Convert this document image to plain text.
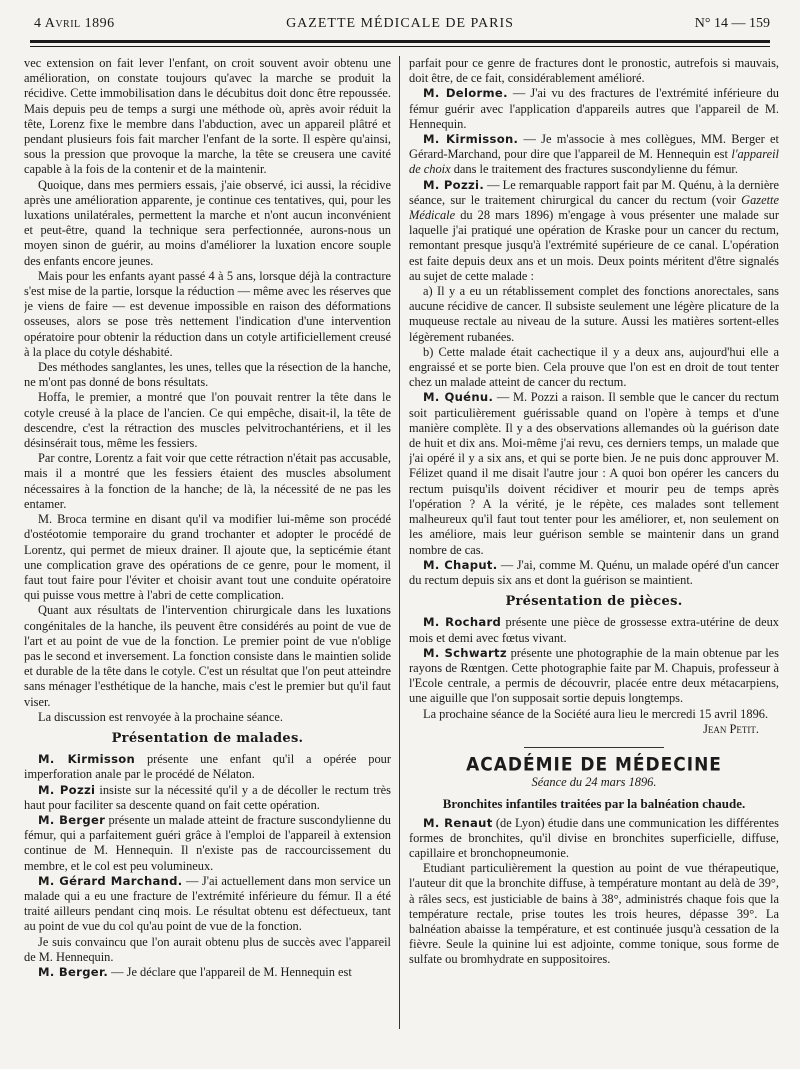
4 Avril 1896	GAZETTE MÉDICALE DE PARIS	N° 14 — 159

vec extension on fait lever l'enfant, on croit souvent avoir obtenu une amélioration, on constate toujours qu'avec la marche se produit la récidive. Cette immobilisation dans le décubitus doit donc être repoussée. Mais depuis peu de temps a surgi une méthode où, après avoir réduit la tête, Lorenz fixe le membre dans l'abduction, avec un appareil plâtré et pendant plusieurs fois fait marcher l'enfant de la sorte. Il espère qu'ainsi, sous la pression que provoque la marche, la tête se creusera une cavité capable à la fois de la contenir et de la maintenir.

Quoique, dans mes permiers essais, j'aie observé, ici aussi, la récidive après une amélioration apparente, je continue ces tentatives, qui, pour les luxations unilatérales, permettent la marche et n'ont aucun inconvénient et peut-être, quand la technique sera perfectionnée, aurons-nous un moyen sinon de guérir, au moins d'améliorer la luxation encore souple des enfants encore jeunes.

Mais pour les enfants ayant passé 4 à 5 ans, lorsque déjà la contracture s'est mise de la partie, lorsque la réduction — même avec les réserves que je viens de faire — est devenue impossible en raison des déformations osseuses, alors se pose très nettement l'indication d'une intervention opératoire pour obtenir la réduction dans un cotyle artificiellement creusé à la place du cotyle déshabité.

Des méthodes sanglantes, les unes, telles que la résection de la hanche, ne m'ont pas donné de bons résultats.

Hoffa, le premier, a montré que l'on pouvait rentrer la tête dans le cotyle creusé à la place de l'ancien. Ce qui empêche, disait-il, la tête de descendre, c'est la rétraction des muscles pelvitrochantériens, et il les désinsérait tous, même les fessiers.

Par contre, Lorentz a fait voir que cette rétraction n'était pas accusable, mais il a montré que les fessiers étaient des muscles absolument nécessaires à la fonction de la hanche; de là, la nécessité de ne pas les entamer.

M. Broca termine en disant qu'il va modifier lui-même son procédé d'ostéotomie temporaire du grand trochanter et adopter le procédé de Lorentz, qui permet de mieux drainer. Il ajoute que, la septicémie étant une complication grave des opérations de ce genre, pour le moment, il faut tout faire pour l'éviter et choisir avant tout une conduite opératoire qui puisse vous mettre à l'abri de cette complication.

Quant aux résultats de l'intervention chirurgicale dans les luxations congénitales de la hanche, ils peuvent être considérés au point de vue de l'art et au point de vue de la fonction. Le premier point de vue n'oblige pas le second et inversement. La fonction consiste dans le maintien solide et durable de la tête dans le cotyle. C'est un résultat que l'on peut atteindre sans ménager l'esthétique de la hanche, mais c'est le premier but qu'il faut viser.

La discussion est renvoyée à la prochaine séance.

Présentation de malades.

M. Kirmisson présente une enfant qu'il a opérée pour imperforation anale par le procédé de Nélaton.

M. Pozzi insiste sur la nécessité qu'il y a de décoller le rectum très haut pour faciliter sa descente quand on fait cette opération.

M. Berger présente un malade atteint de fracture suscondylienne du fémur, qui a parfaitement guéri grâce à l'emploi de l'appareil à extension continue de M. Hennequin. Il n'existe pas de raccourcissement du membre, et le col est peu volumineux.

M. Gérard Marchand. — J'ai actuellement dans mon service un malade qui a eu une fracture de l'extrémité inférieure du fémur. Il a été traité ailleurs pendant cinq mois. Le résultat obtenu est défectueux, tant au point de vue du col qu'au point de vue de la fonction.

Je suis convaincu que l'on aurait obtenu plus de succès avec l'appareil de M. Hennequin.

M. Berger. — Je déclare que l'appareil de M. Hennequin est

parfait pour ce genre de fractures dont le pronostic, autrefois si mauvais, doit être, de ce fait, considérablement amélioré.

M. Delorme. — J'ai vu des fractures de l'extrémité inférieure du fémur guérir avec l'application d'appareils autres que l'appareil de M. Hennequin.

M. Kirmisson. — Je m'associe à mes collègues, MM. Berger et Gérard-Marchand, pour dire que l'appareil de M. Hennequin est l'appareil de choix dans le traitement des fractures suscondylienne du fémur.

M. Pozzi. — Le remarquable rapport fait par M. Quénu, à la dernière séance, sur le traitement chirurgical du cancer du rectum (voir Gazette Médicale du 28 mars 1896) m'engage à vous présenter une malade sur laquelle j'ai pratiqué une opération de Kraske pour un cancer du rectum, remontant presque jusqu'à l'extrémité supérieure de ce canal. L'opération est faite depuis deux ans et un mois. Deux points méritent d'être signalés au sujet de cette malade :

a) Il y a eu un rétablissement complet des fonctions anorectales, sans aucune récidive de cancer. Il subsiste seulement une légère plicature de la muqueuse rectale au niveau de la suture. Aussi les matières sortent-elles légèrement rubanées.

b) Cette malade était cachectique il y a deux ans, aujourd'hui elle a engraissé et se porte bien. Cela prouve que l'on est en droit de tout tenter chez un malade atteint de cancer du rectum.

M. Quénu. — M. Pozzi a raison. Il semble que le cancer du rectum soit particulièrement guérissable quand on l'opère à temps et d'une manière complète. Il y a des observations allemandes où la guérison date de huit et dix ans. Moi-même j'ai revu, ces derniers temps, un malade que j'ai opéré il y a six ans, et qui se porte bien. Je ne puis donc approuver M. Félizet quand il me disait l'autre jour : A quoi bon opérer les cancers du rectum puisqu'ils doivent récidiver et mourir peu de temps après l'opération ? A la vérité, je le répète, ces malades sont tellement malheureux qu'il faut tout tenter pour les améliorer, et, non seulement on les améliore, mais leur guérison semble se maintenir dans un grand nombre de cas.

M. Chaput. — J'ai, comme M. Quénu, un malade opéré d'un cancer du rectum depuis six ans et dont la guérison se maintient.

Présentation de pièces.

M. Rochard présente une pièce de grossesse extra-utérine de deux mois et demi avec fœtus vivant.

M. Schwartz présente une photographie de la main obtenue par les rayons de Rœntgen. Cette photographie faite par M. Chapuis, professeur à l'Ecole centrale, a permis de découvrir, placée entre deux métacarpiens, une aiguille que l'on supposait sortie depuis longtemps.

La prochaine séance de la Société aura lieu le mercredi 15 avril 1896.

Jean Petit.
ACADÉMIE DE MÉDECINE
Séance du 24 mars 1896.
Bronchites infantiles traitées par la balnéation chaude.

M. Renaut (de Lyon) étudie dans une communication les différentes formes de bronchites, qu'il divise en bronchites superficielle, diffuse, capillaire et bronchopneumonie.

Etudiant particulièrement la question au point de vue thérapeutique, l'auteur dit que la bronchite diffuse, à température montant au delà de 39°, à râles secs, est justiciable de bains à 38°, administrés chaque fois que la température rectale, prise toutes les trois heures, dépasse 39°. La balnéation abaisse la température, et est continuée jusqu'à cessation de la fièvre. Seule la quinine lui est adjointe, comme tonique, sous forme de sulfate ou bromhydrate en suppositoires.
